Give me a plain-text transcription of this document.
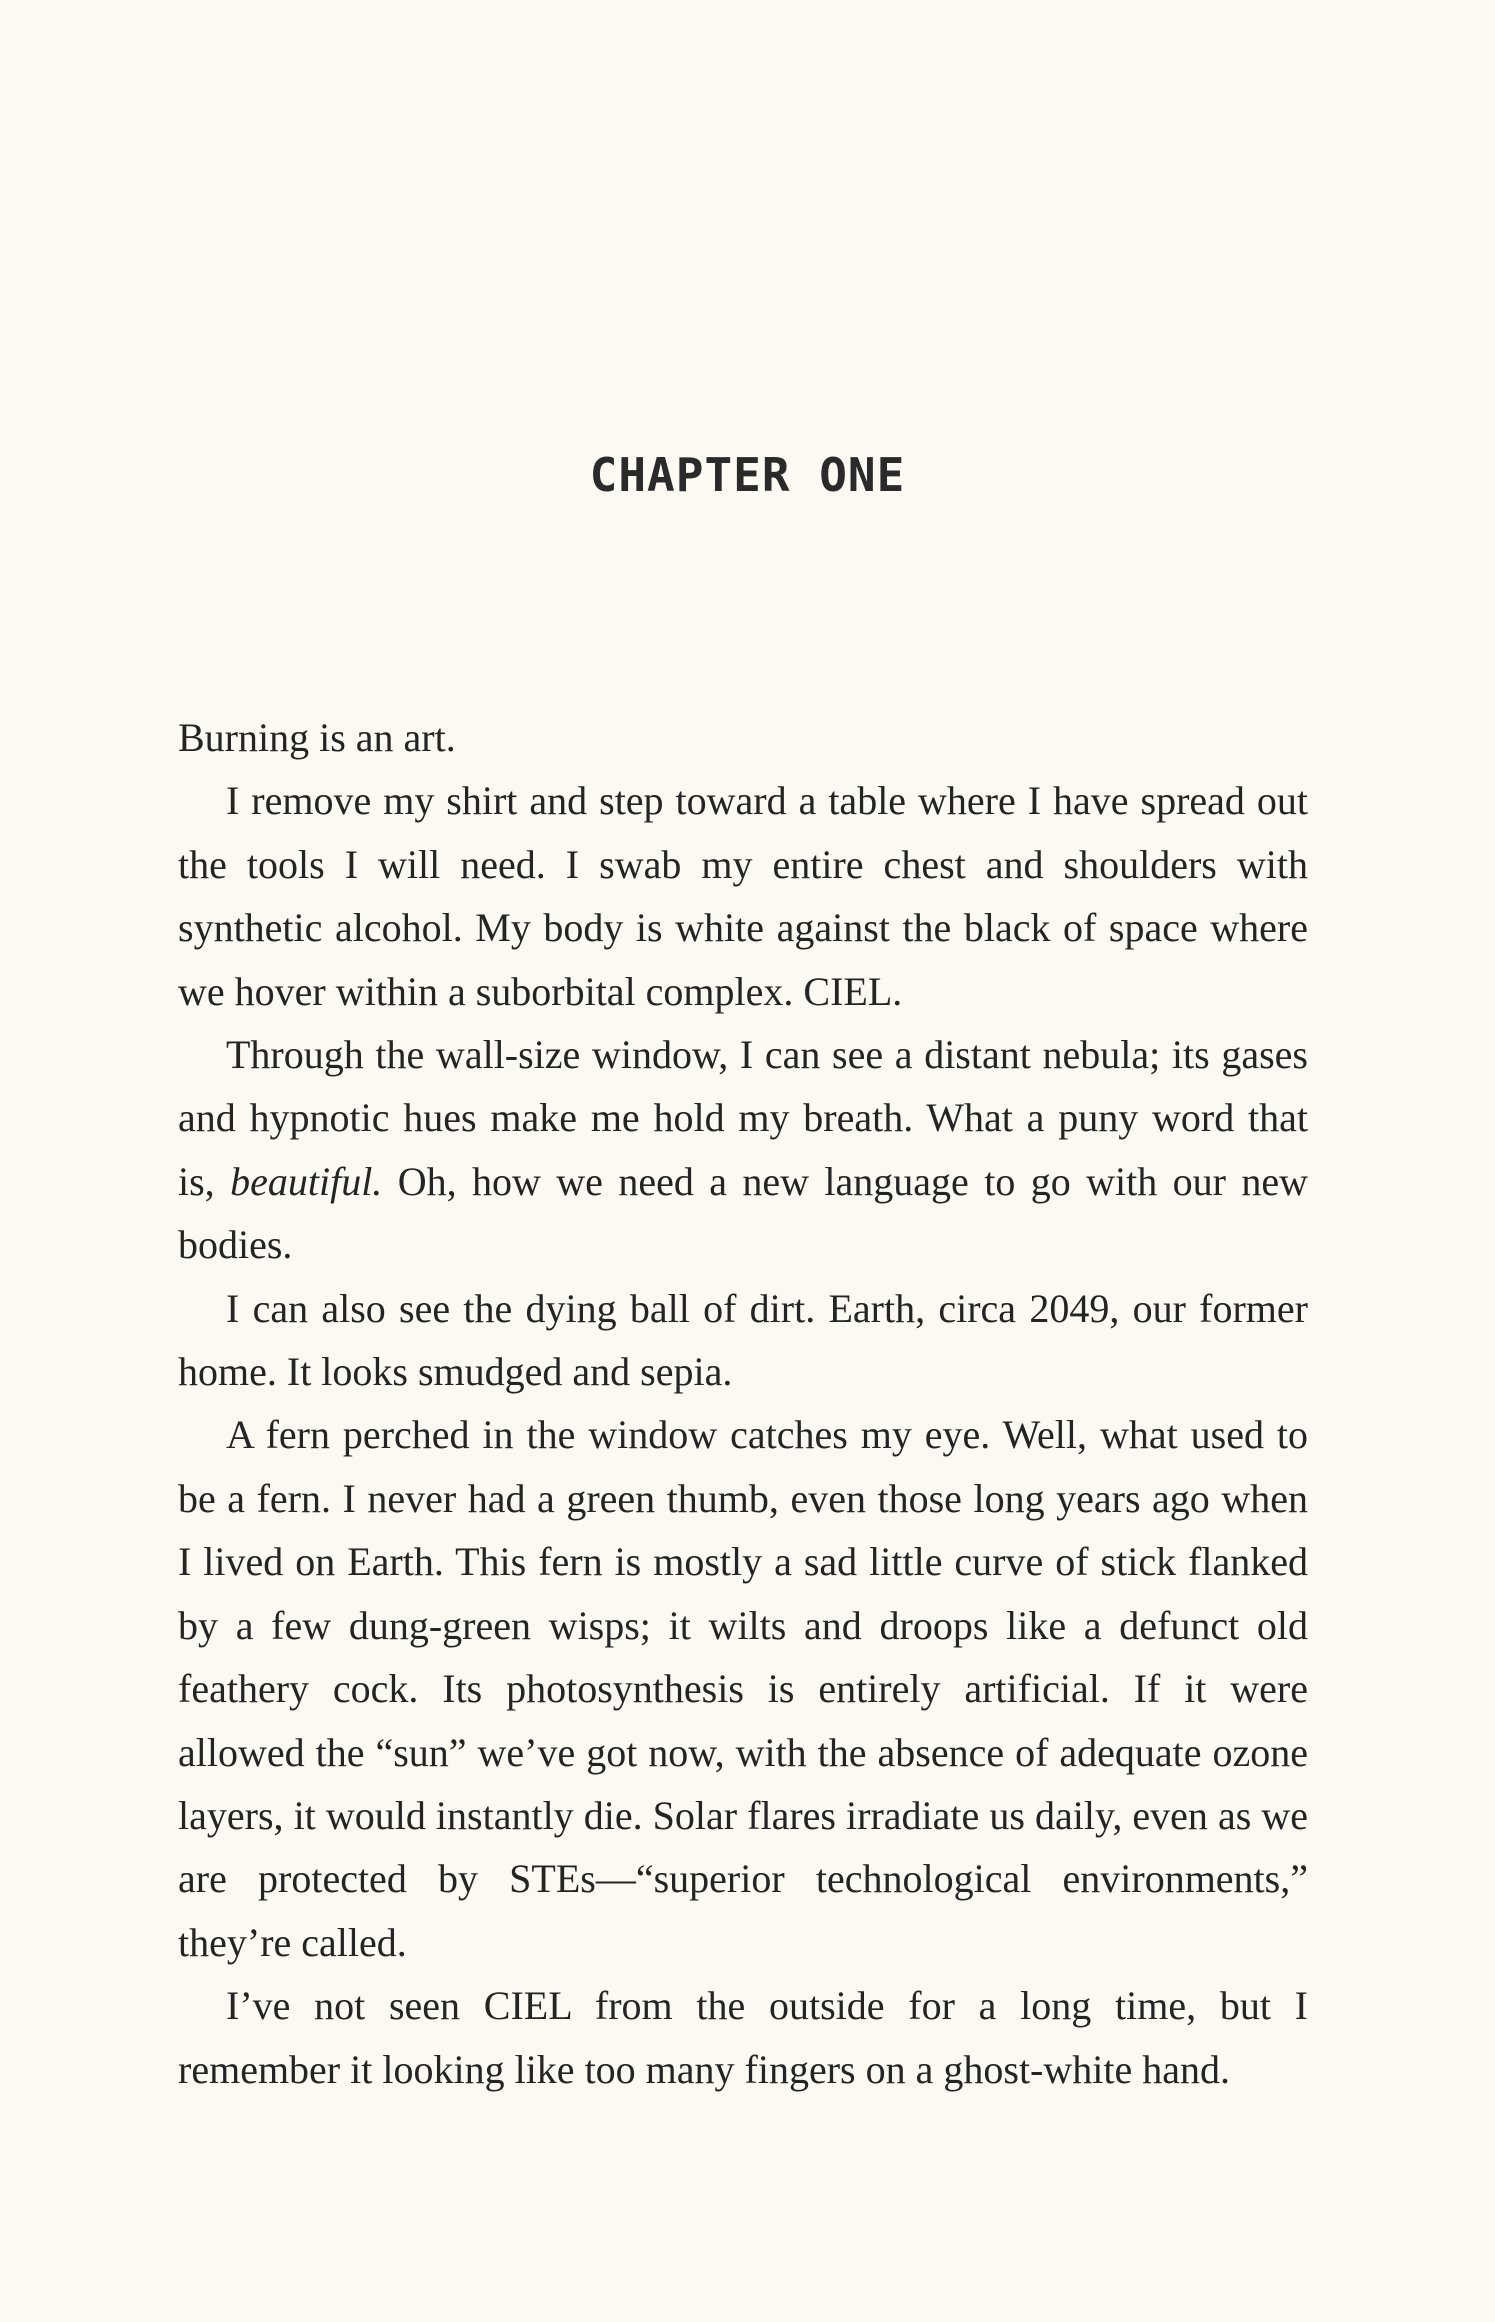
CHAPTER ONE

Burning is an art.

I remove my shirt and step toward a table where I have spread out the tools I will need. I swab my entire chest and shoulders with synthetic alcohol. My body is white against the black of space where we hover within a suborbital complex. CIEL.

Through the wall-size window, I can see a distant nebula; its gases and hypnotic hues make me hold my breath. What a puny word that is, beautiful. Oh, how we need a new language to go with our new bodies.

I can also see the dying ball of dirt. Earth, circa 2049, our former home. It looks smudged and sepia.

A fern perched in the window catches my eye. Well, what used to be a fern. I never had a green thumb, even those long years ago when I lived on Earth. This fern is mostly a sad little curve of stick flanked by a few dung-green wisps; it wilts and droops like a defunct old feathery cock. Its photosynthesis is entirely artificial. If it were allowed the “sun” we’ve got now, with the absence of adequate ozone layers, it would instantly die. Solar flares irradiate us daily, even as we are protected by STEs—“superior technological environments,” they’re called.

I’ve not seen CIEL from the outside for a long time, but I remember it looking like too many fingers on a ghost-white hand.
